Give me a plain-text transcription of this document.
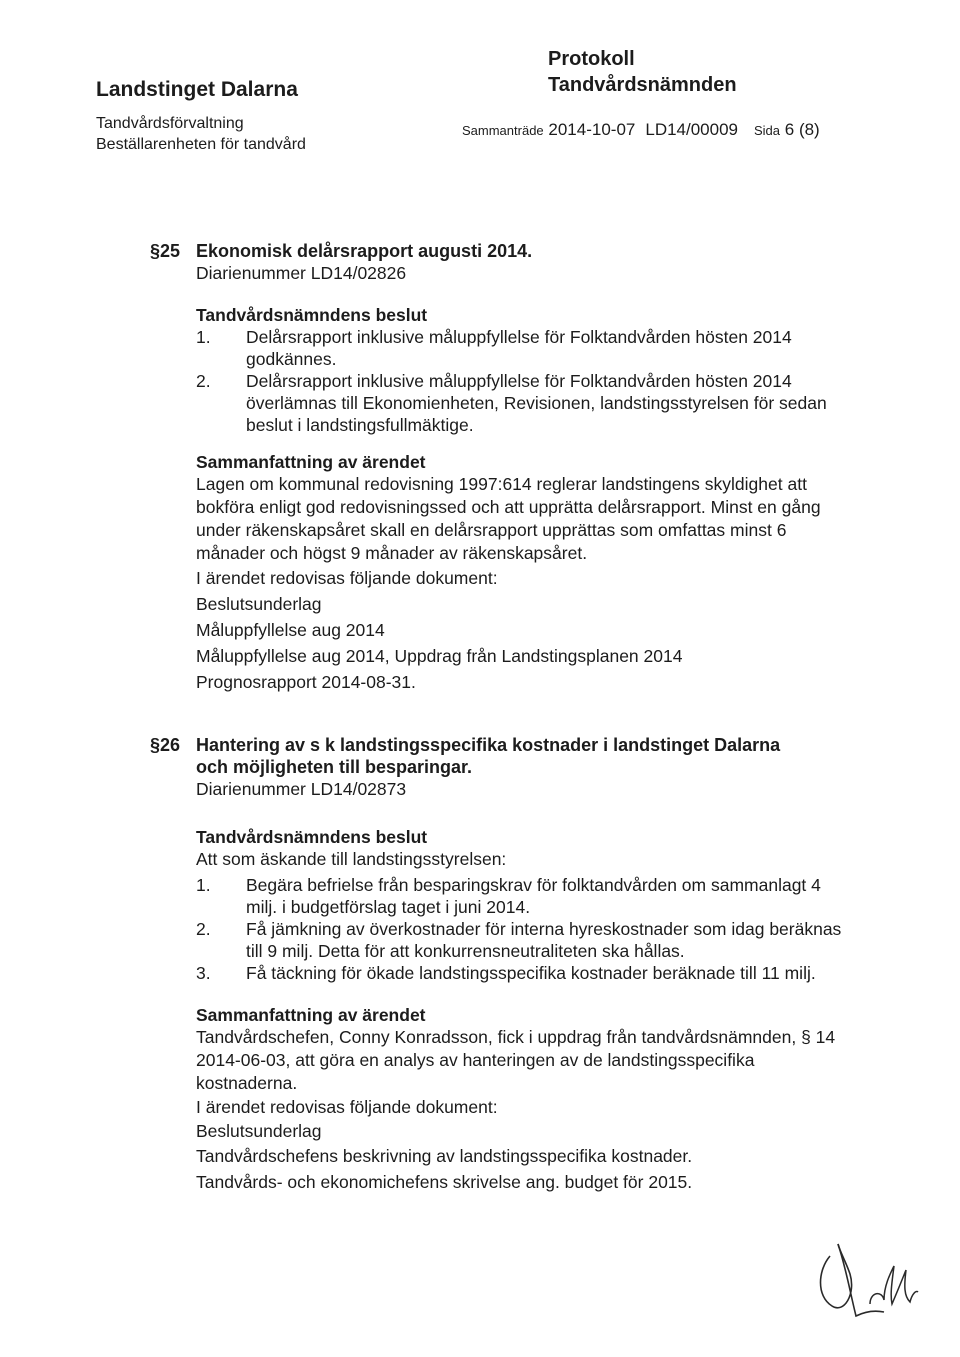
Landstinget Dalarna
Tandvårdsförvaltning
Beställarenheten för tandvård
Protokoll
Tandvårdsnämnden
Sammanträde 2014-10-07 LD14/00009 Sida 6 (8)
§25 Ekonomisk delårsrapport augusti 2014.

Diarienummer LD14/02826

Tandvårdsnämndens beslut

1. Delårsrapport inklusive måluppfyllelse för Folktandvården hösten 2014 godkännes.
2. Delårsrapport inklusive måluppfyllelse för Folktandvården hösten 2014 överlämnas till Ekonomienheten, Revisionen, landstingsstyrelsen för sedan beslut i landstingsfullmäktige.

Sammanfattning av ärendet

Lagen om kommunal redovisning 1997:614 reglerar landstingens skyldighet att bokföra enligt god redovisningssed och att upprätta delårsrapport. Minst en gång under räkenskapsåret skall en delårsrapport upprättas som omfattas minst 6 månader och högst 9 månader av räkenskapsåret.

I ärendet redovisas följande dokument:

Beslutsunderlag

Måluppfyllelse aug 2014

Måluppfyllelse aug 2014, Uppdrag från Landstingsplanen 2014

Prognosrapport 2014-08-31.

§26 Hantering av s k landstingsspecifika kostnader i landstinget Dalarna

och möjligheten till besparingar.

Diarienummer LD14/02873

Tandvårdsnämndens beslut

Att som äskande till landstingsstyrelsen:

1. Begära befrielse från besparingskrav för folktandvården om sammanlagt 4 milj. i budgetförslag taget i juni 2014.
2. Få jämkning av överkostnader för interna hyreskostnader som idag beräknas till 9 milj. Detta för att konkurrensneutraliteten ska hållas.
3. Få täckning för ökade landstingsspecifika kostnader beräknade till 11 milj.

Sammanfattning av ärendet

Tandvårdschefen, Conny Konradsson, fick i uppdrag från tandvårdsnämnden, § 14 2014-06-03, att göra en analys av hanteringen av de landstingsspecifika kostnaderna.

I ärendet redovisas följande dokument:

Beslutsunderlag

Tandvårdschefens beskrivning av landstingsspecifika kostnader.

Tandvårds- och ekonomichefens skrivelse ang. budget för 2015.
